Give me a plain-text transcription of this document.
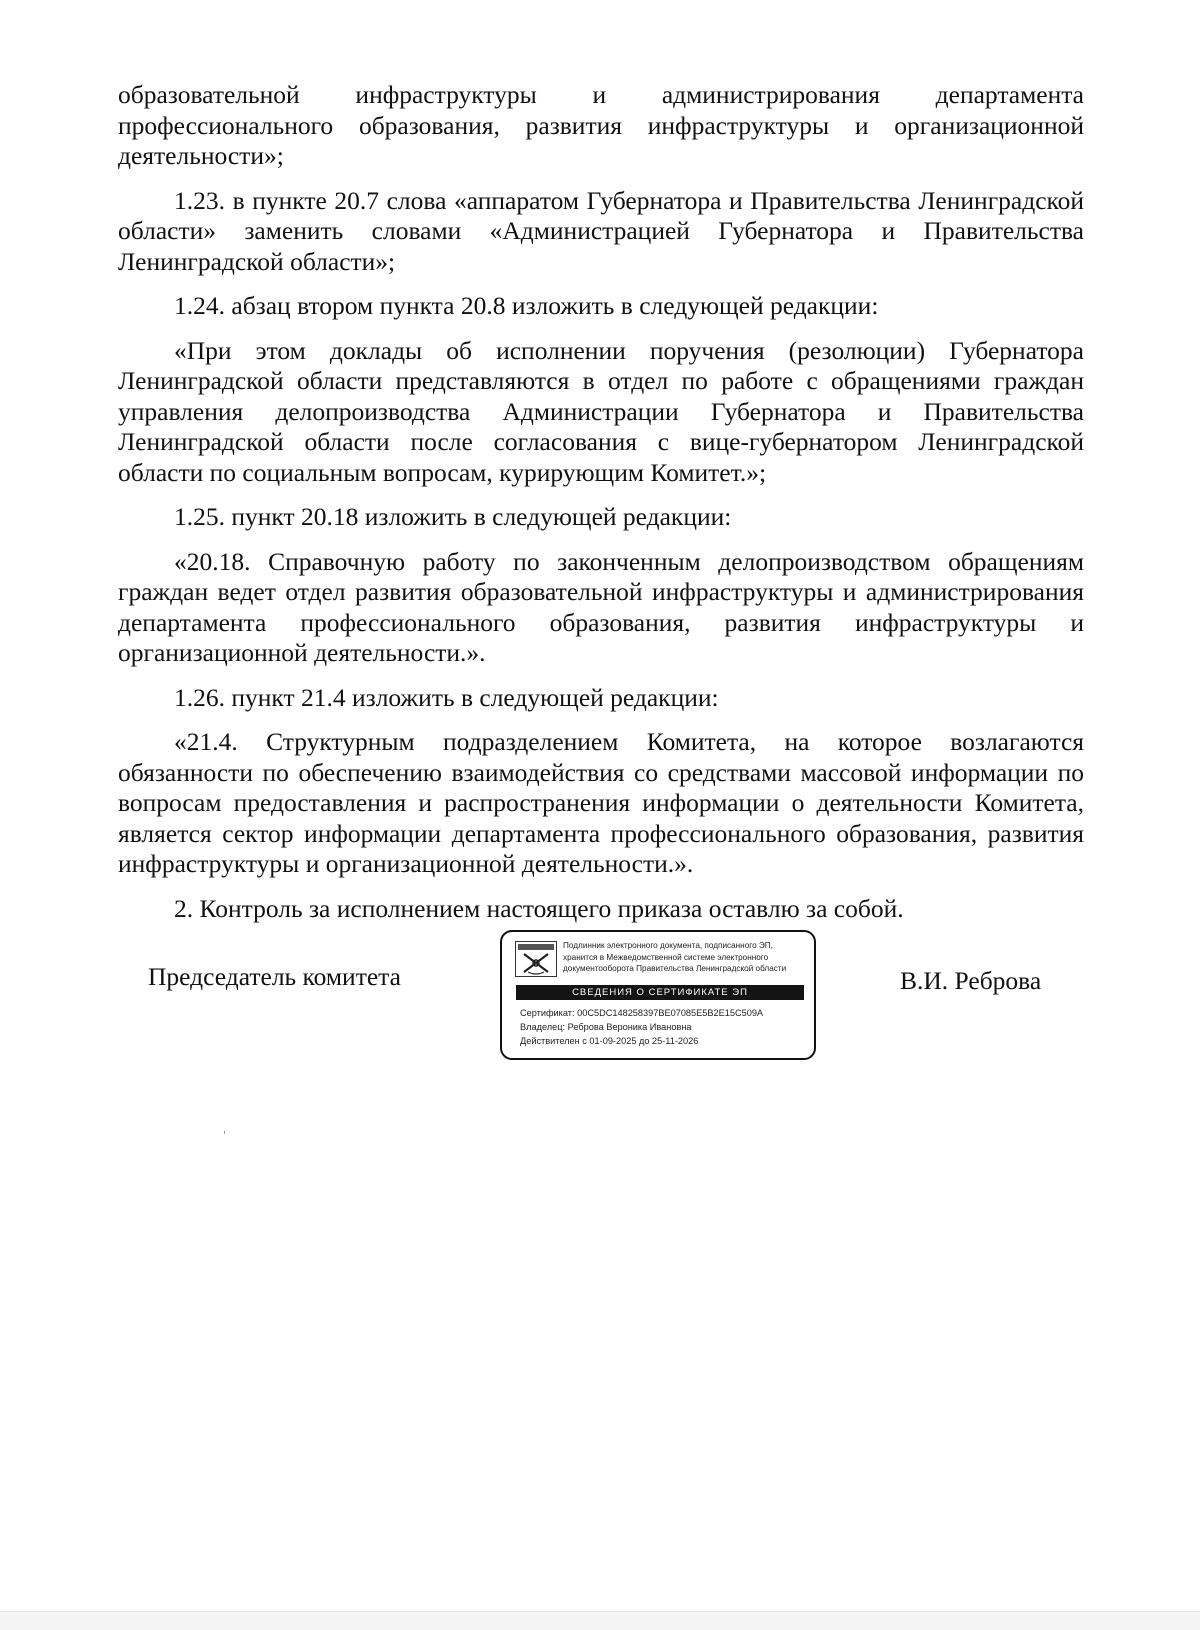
образовательной инфраструктуры и администрирования департамента профессионального образования, развития инфраструктуры и организационной деятельности»;

1.23. в пункте 20.7 слова «аппаратом Губернатора и Правительства Ленинградской области» заменить словами «Администрацией Губернатора и Правительства Ленинградской области»;

1.24. абзац втором пункта 20.8 изложить в следующей редакции:

«При этом доклады об исполнении поручения (резолюции) Губернатора Ленинградской области представляются в отдел по работе с обращениями граждан управления делопроизводства Администрации Губернатора и Правительства Ленинградской области после согласования с вице-губернатором Ленинградской области по социальным вопросам, курирующим Комитет.»;

1.25. пункт 20.18 изложить в следующей редакции:

«20.18. Справочную работу по законченным делопроизводством обращениям граждан ведет отдел развития образовательной инфраструктуры и администрирования департамента профессионального образования, развития инфраструктуры и организационной деятельности.».

1.26. пункт 21.4 изложить в следующей редакции:

«21.4. Структурным подразделением Комитета, на которое возлагаются обязанности по обеспечению взаимодействия со средствами массовой информации по вопросам предоставления и распространения информации о деятельности Комитета, является сектор информации департамента профессионального образования, развития инфраструктуры и организационной деятельности.».

2. Контроль за исполнением настоящего приказа оставлю за собой.

Председатель комитета
Подлинник электронного документа, подписанного ЭП,
хранится в Межведомственной системе электронного
документооборота Правительства Ленинградской области
СВЕДЕНИЯ О СЕРТИФИКАТЕ ЭП
Сертификат: 00C5DC148258397BE07085E5B2E15C509A
Владелец: Реброва Вероника Ивановна
Действителен с 01-09-2025 до 25-11-2026
В.И. Реброва
